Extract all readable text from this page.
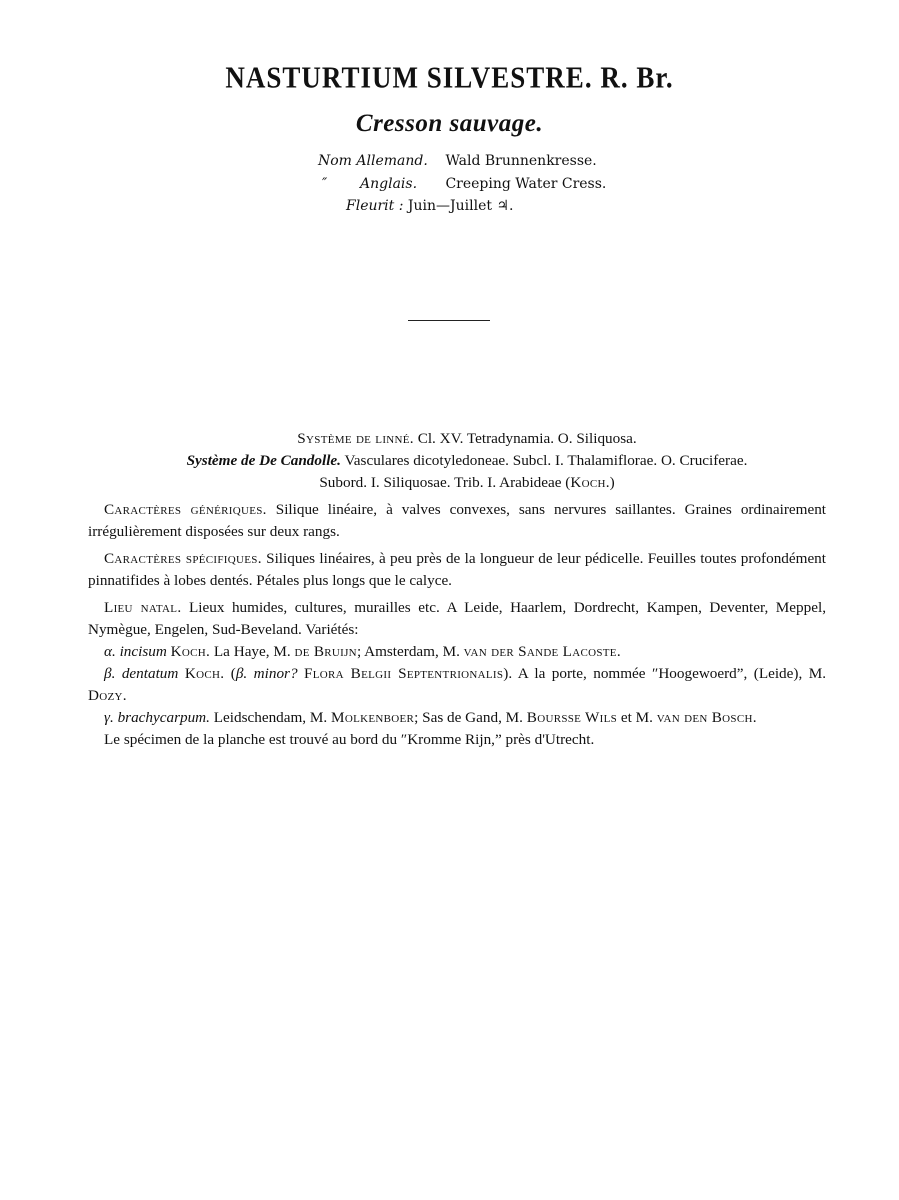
NASTURTIUM SILVESTRE. R. Br.
Cresson sauvage.
Nom Allemand. Wald Brunnenkresse.
″ Anglais. Creeping Water Cress.
Fleurit : Juin—Juillet ♃.
Système de linné. Cl. XV. Tetradynamia. O. Siliquosa.
Système de De Candolle. Vasculares dicotyledoneae. Subcl. I. Thalamiflorae. O. Cruciferae.
Subord. I. Siliquosae. Trib. I. Arabideae (Koch.)
Caractères génériques. Silique linéaire, à valves convexes, sans nervures saillantes. Graines ordinairement irrégulièrement disposées sur deux rangs.
Caractères spécifiques. Siliques linéaires, à peu près de la longueur de leur pédicelle. Feuilles toutes profondément pinnatifides à lobes dentés. Pétales plus longs que le calyce.
Lieu natal. Lieux humides, cultures, murailles etc. A Leide, Haarlem, Dordrecht, Kampen, Deventer, Meppel, Nymègue, Engelen, Sud-Beveland. Variétés:
α. incisum Koch. La Haye, M. de Bruijn; Amsterdam, M. van der Sande Lacoste.
β. dentatum Koch. (β. minor? Flora Belgii Septentrionalis). A la porte, nommée ″Hoogewoerd”, (Leide), M. Dozy.
γ. brachycarpum. Leidschendam, M. Molkenboer; Sas de Gand, M. Boursse Wils et M. van den Bosch.
Le spécimen de la planche est trouvé au bord du ″Kromme Rijn,” près d'Utrecht.
